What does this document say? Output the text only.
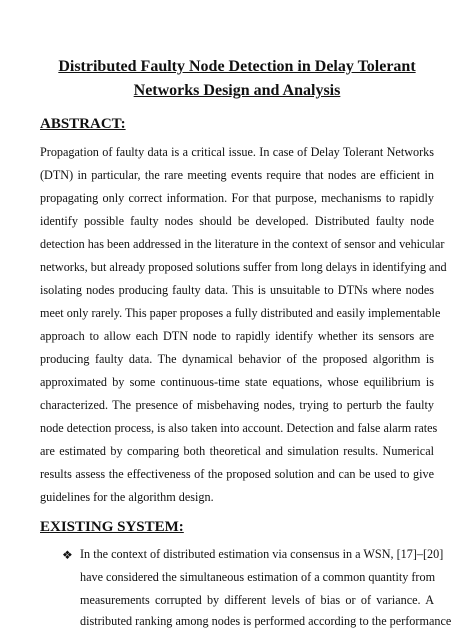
Distributed Faulty Node Detection in Delay Tolerant
Networks Design and Analysis
ABSTRACT:
Propagation of faulty data is a critical issue. In case of Delay Tolerant Networks
(DTN) in particular, the rare meeting events require that nodes are efficient in
propagating only correct information. For that purpose, mechanisms to rapidly
identify possible faulty nodes should be developed. Distributed faulty node
detection has been addressed in the literature in the context of sensor and vehicular
networks, but already proposed solutions suffer from long delays in identifying and
isolating nodes producing faulty data. This is unsuitable to DTNs where nodes
meet only rarely. This paper proposes a fully distributed and easily implementable
approach to allow each DTN node to rapidly identify whether its sensors are
producing faulty data. The dynamical behavior of the proposed algorithm is
approximated by some continuous-time state equations, whose equilibrium is
characterized. The presence of misbehaving nodes, trying to perturb the faulty
node detection process, is also taken into account. Detection and false alarm rates
are estimated by comparing both theoretical and simulation results. Numerical
results assess the effectiveness of the proposed solution and can be used to give
guidelines for the algorithm design.
EXISTING SYSTEM:
❖ In the context of distributed estimation via consensus in a WSN, [17]–[20]
have considered the simultaneous estimation of a common quantity from
measurements corrupted by different levels of bias or of variance. A
distributed ranking among nodes is performed according to the performance
